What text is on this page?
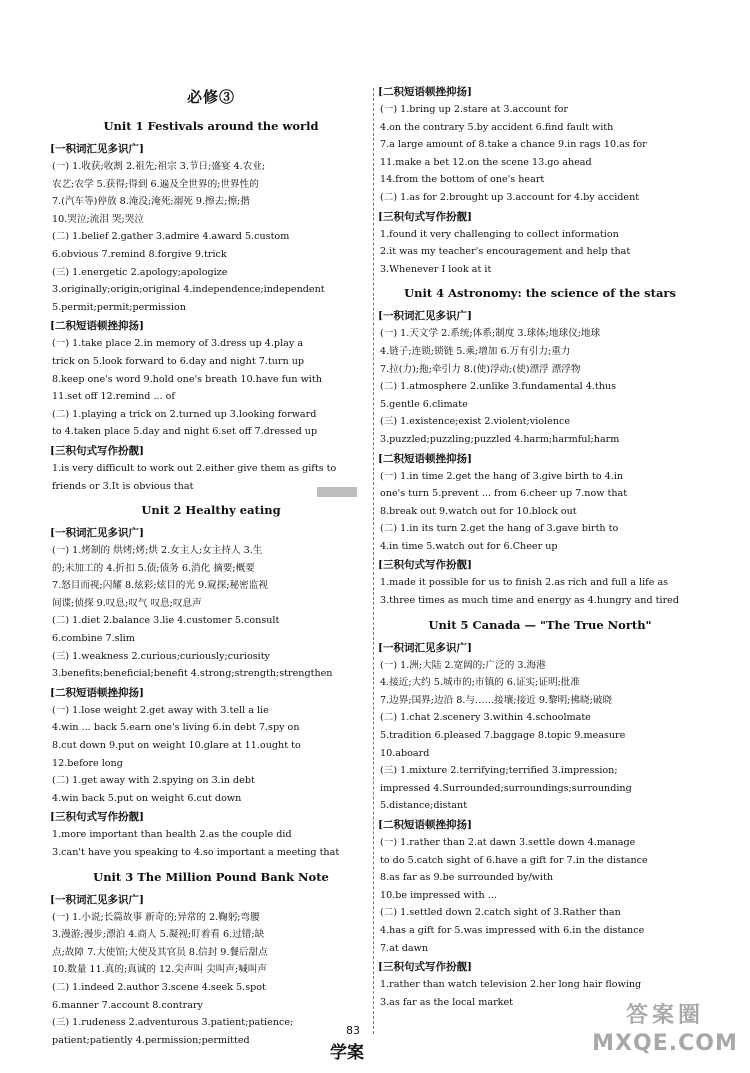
必修③
Unit 1 Festivals around the world
[一积词汇见多识广]
(一) 1.收获;收割 2.祖先;祖宗 3.节日;盛宴 4.农业;
农艺;农学 5.获得;得到 6.遍及全世界的;世界性的
7.(汽车等)停放 8.淹没;淹死;溺死 9.擦去;擦;揩
10.哭泣;流泪 哭;哭泣
(二) 1.belief 2.gather 3.admire 4.award 5.custom
6.obvious 7.remind 8.forgive 9.trick
(三) 1.energetic 2.apology;apologize
3.originally;origin;original 4.independence;independent
5.permit;permit;permission
[二积短语顿挫抑扬]
(一) 1.take place 2.in memory of 3.dress up 4.play a
trick on 5.look forward to 6.day and night 7.turn up
8.keep one's word 9.hold one's breath 10.have fun with
11.set off 12.remind ... of
(二) 1.playing a trick on 2.turned up 3.looking forward
to 4.taken place 5.day and night 6.set off 7.dressed up
[三积句式写作扮靓]
1.is very difficult to work out 2.either give them as gifts to
friends or 3.It is obvious that
Unit 2 Healthy eating
[一积词汇见多识广]
(一) 1.烤制的 烘烤;烤;烘 2.女主人;女主持人 3.生
的;未加工的 4.折扣 5.债;债务 6.消化 摘要;概要
7.怒目而视;闪耀 8.炫彩;炫目的光 9.窥探;秘密监视
间谍;侦探 9.叹息;叹气 叹息;叹息声
(二) 1.diet 2.balance 3.lie 4.customer 5.consult
6.combine 7.slim
(三) 1.weakness 2.curious;curiously;curiosity
3.benefits;beneficial;benefit 4.strong;strength;strengthen
[二积短语顿挫抑扬]
(一) 1.lose weight 2.get away with 3.tell a lie
4.win ... back 5.earn one's living 6.in debt 7.spy on
8.cut down 9.put on weight 10.glare at 11.ought to
12.before long
(二) 1.get away with 2.spying on 3.in debt
4.win back 5.put on weight 6.cut down
[三积句式写作扮靓]
1.more important than health 2.as the couple did
3.can't have you speaking to 4.so important a meeting that
Unit 3 The Million Pound Bank Note
[一积词汇见多识广]
(一) 1.小说;长篇故事 新奇的;异常的 2.鞠躬;弯腰
3.漫游;漫步;漂泊 4.商人 5.凝视;盯着看 6.过错;缺
点;故障 7.大使馆;大使及其官员 8.信封 9.餐后甜点
10.数量 11.真的;真诚的 12.尖声叫 尖叫声;喊叫声
(二) 1.indeed 2.author 3.scene 4.seek 5.spot
6.manner 7.account 8.contrary
(三) 1.rudeness 2.adventurous 3.patient;patience;
patient;patiently 4.permission;permitted
[二积短语顿挫抑扬]
(一) 1.bring up 2.stare at 3.account for
4.on the contrary 5.by accident 6.find fault with
7.a large amount of 8.take a chance 9.in rags 10.as for
11.make a bet 12.on the scene 13.go ahead
14.from the bottom of one's heart
(二) 1.as for 2.brought up 3.account for 4.by accident
[三积句式写作扮靓]
1.found it very challenging to collect information
2.it was my teacher's encouragement and help that
3.Whenever I look at it
Unit 4 Astronomy: the science of the stars
[一积词汇见多识广]
(一) 1.天文学 2.系统;体系;制度 3.球体;地球仪;地球
4.链子;连锁;锁链 5.乘;增加 6.万有引力;重力
7.拉(力);拖;牵引力 8.(使)浮动;(使)漂浮 漂浮物
(二) 1.atmosphere 2.unlike 3.fundamental 4.thus
5.gentle 6.climate
(三) 1.existence;exist 2.violent;violence
3.puzzled;puzzling;puzzled 4.harm;harmful;harm
[二积短语顿挫抑扬]
(一) 1.in time 2.get the hang of 3.give birth to 4.in
one's turn 5.prevent ... from 6.cheer up 7.now that
8.break out 9.watch out for 10.block out
(二) 1.in its turn 2.get the hang of 3.gave birth to
4.in time 5.watch out for 6.Cheer up
[三积句式写作扮靓]
1.made it possible for us to finish 2.as rich and full a life as
3.three times as much time and energy as 4.hungry and tired
Unit 5 Canada — "The True North"
[一积词汇见多识广]
(一) 1.洲;大陆 2.宽阔的;广泛的 3.海港
4.接近;大约 5.城市的;市镇的 6.证实;证明;批准
7.边界;国界;边沿 8.与……接壤;接近 9.黎明;拂晓;破晓
(二) 1.chat 2.scenery 3.within 4.schoolmate
5.tradition 6.pleased 7.baggage 8.topic 9.measure
10.aboard
(三) 1.mixture 2.terrifying;terrified 3.impression;
impressed 4.Surrounded;surroundings;surrounding
5.distance;distant
[二积短语顿挫抑扬]
(一) 1.rather than 2.at dawn 3.settle down 4.manage
to do 5.catch sight of 6.have a gift for 7.in the distance
8.as far as 9.be surrounded by/with
10.be impressed with ...
(二) 1.settled down 2.catch sight of 3.Rather than
4.has a gift for 5.was impressed with 6.in the distance
7.at dawn
[三积句式写作扮靓]
1.rather than watch television 2.her long hair flowing
3.as far as the local market
83
学案
答案圈
MXQE.COM
